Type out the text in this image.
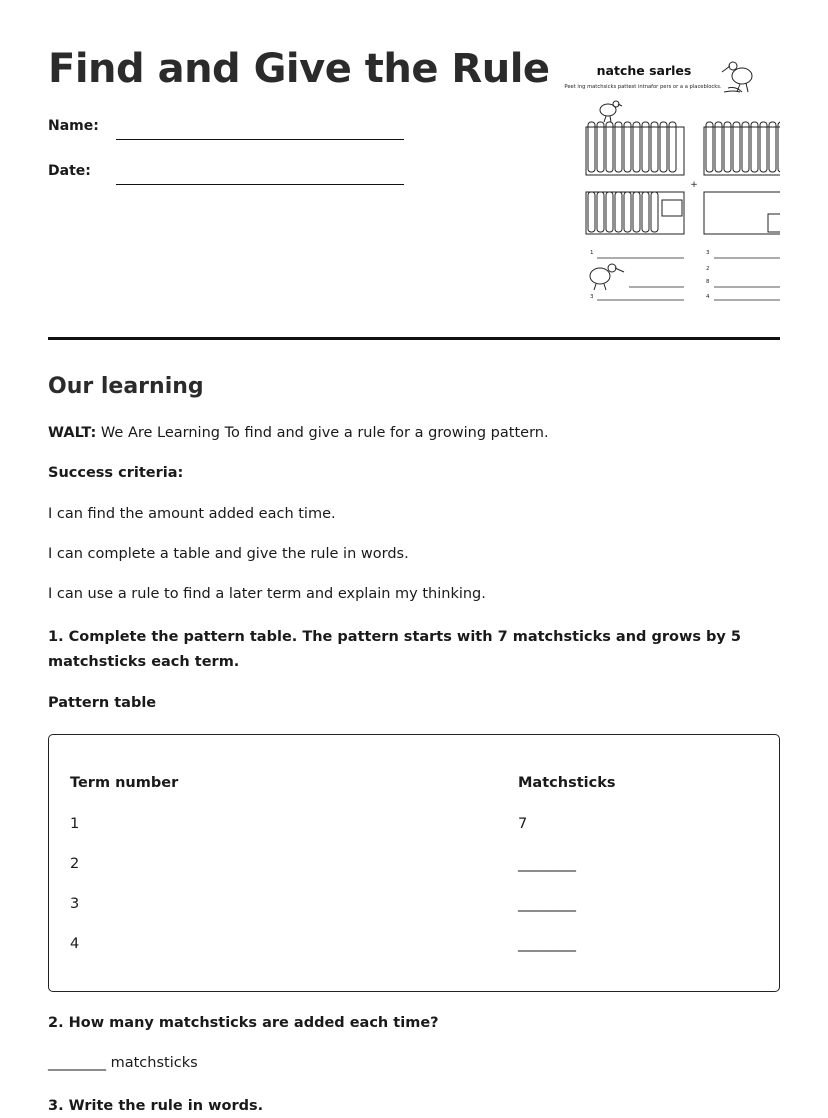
Find and Give the Rule
Name:
Date:
natche sarles
Peet ing matchsicks pattest intnafor pers or a a placeblocks.
+
1
3
3
2
8
4
Our learning
WALT: We Are Learning To find and give a rule for a growing pattern.
Success criteria:
I can find the amount added each time.
I can complete a table and give the rule in words.
I can use a rule to find a later term and explain my thinking.
1. Complete the pattern table. The pattern starts with 7 matchsticks and grows by 5 matchsticks each term.
Pattern table
Term number	Matchsticks
1	7
2	________
3	________
4	________
2. How many matchsticks are added each time?
________ matchsticks
3. Write the rule in words.
